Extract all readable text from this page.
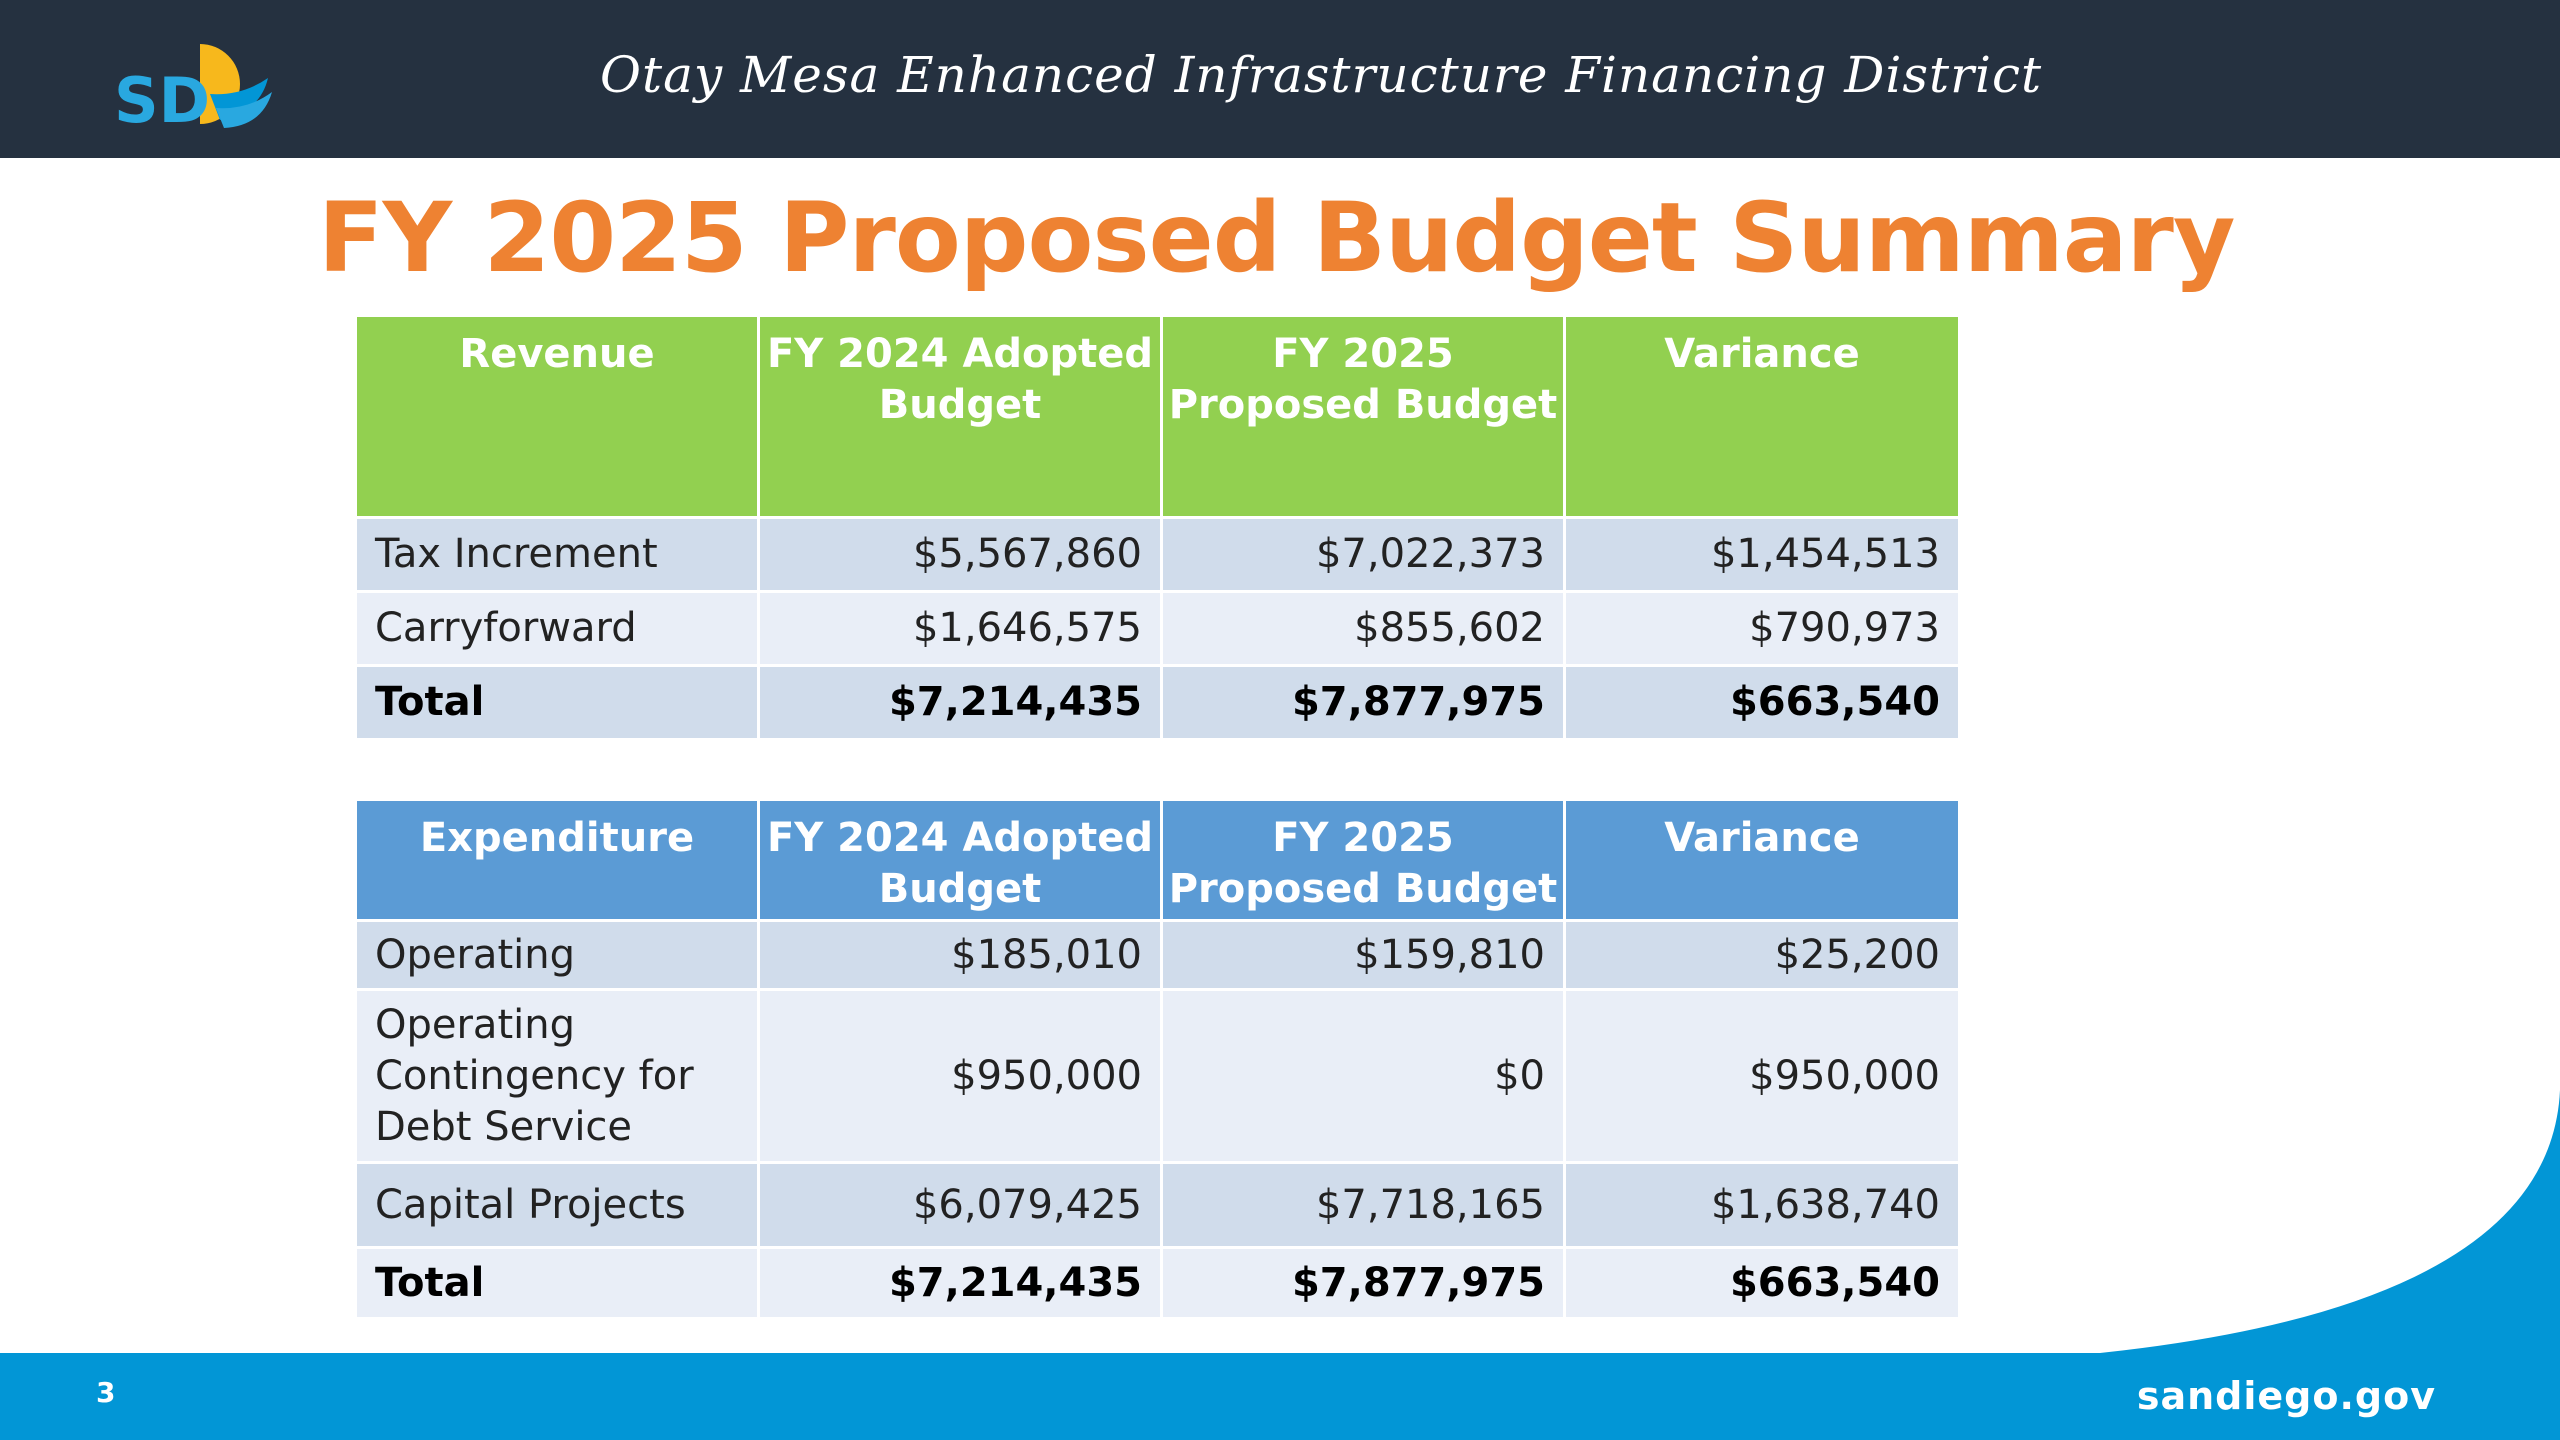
SD	Otay Mesa Enhanced Infrastructure Financing District
FY 2025 Proposed Budget Summary
Revenue	FY 2024 Adopted Budget	FY 2025 Proposed Budget	Variance
Tax Increment	$5,567,860	$7,022,373	$1,454,513
Carryforward	$1,646,575	$855,602	$790,973
Total	$7,214,435	$7,877,975	$663,540
Expenditure	FY 2024 Adopted Budget	FY 2025 Proposed Budget	Variance
Operating	$185,010	$159,810	$25,200
Operating Contingency for Debt Service	$950,000	$0	$950,000
Capital Projects	$6,079,425	$7,718,165	$1,638,740
Total	$7,214,435	$7,877,975	$663,540
3	sandiego.gov
